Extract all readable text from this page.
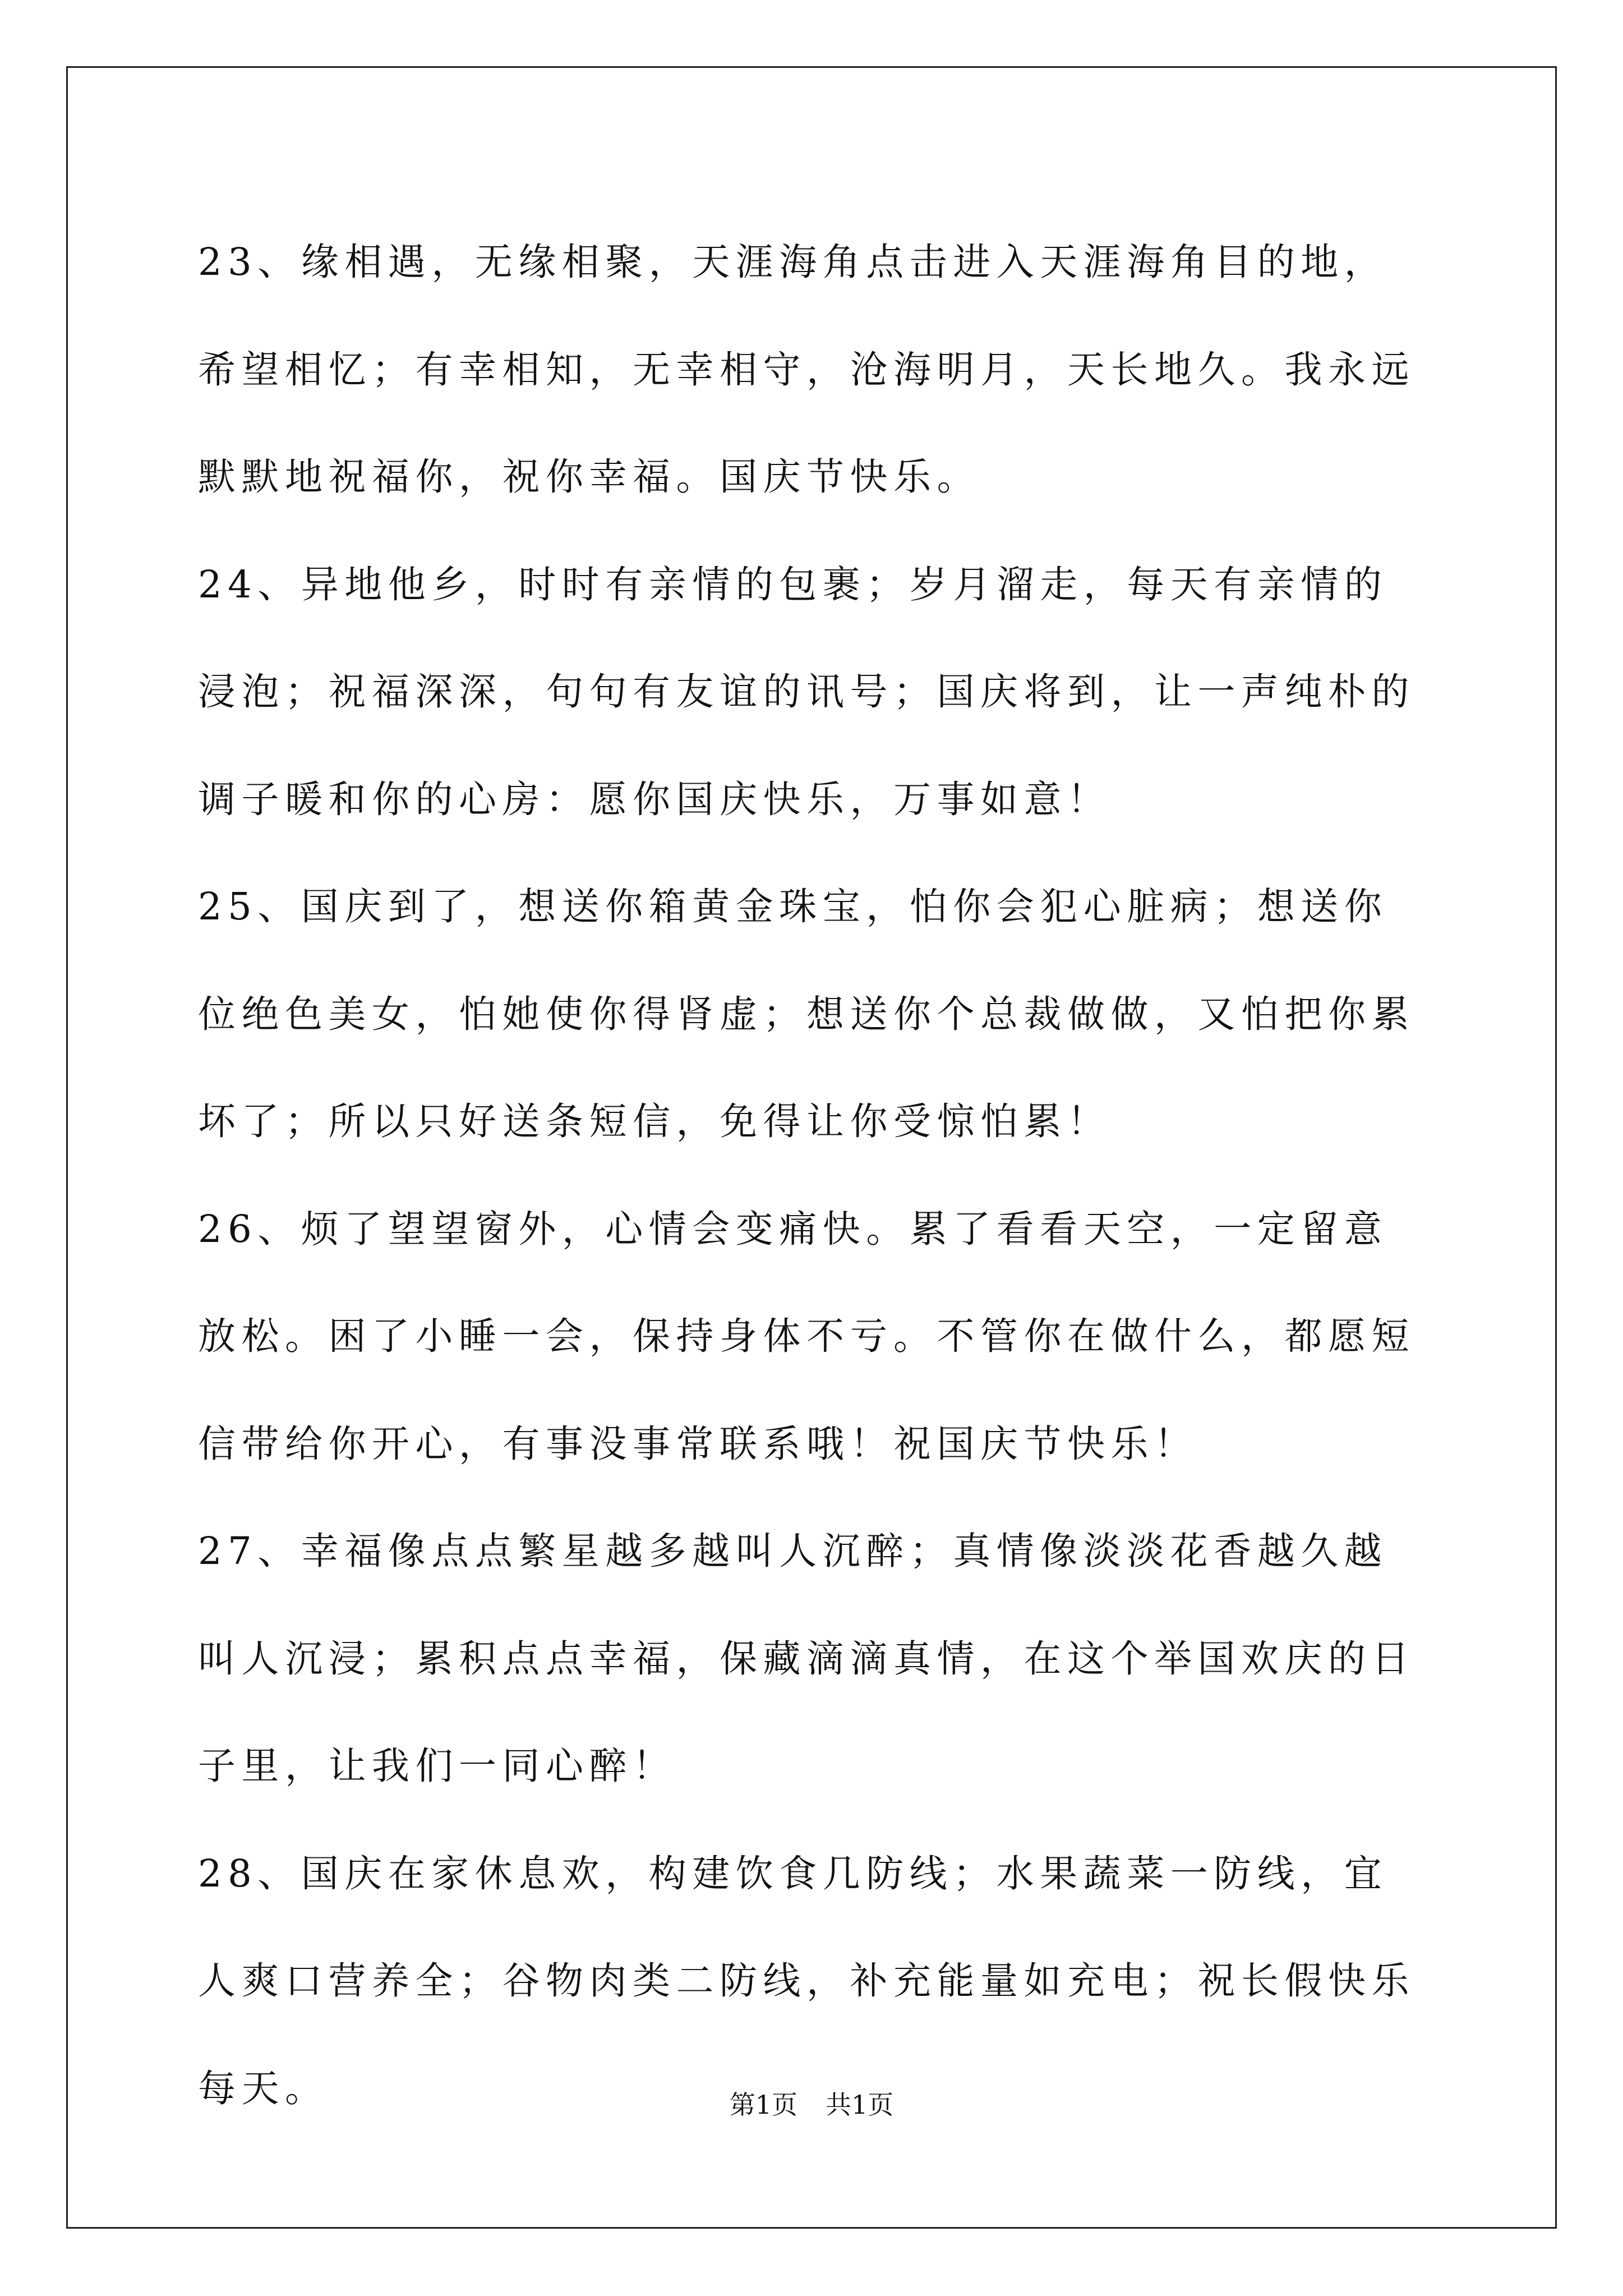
23、缘相遇，无缘相聚，天涯海角点击进入天涯海角目的地，希望相忆；有幸相知，无幸相守，沧海明月，天长地久。我永远默默地祝福你，祝你幸福。国庆节快乐。

24、异地他乡，时时有亲情的包裹；岁月溜走，每天有亲情的浸泡；祝福深深，句句有友谊的讯号；国庆将到，让一声纯朴的调子暖和你的心房：愿你国庆快乐，万事如意！

25、国庆到了，想送你箱黄金珠宝，怕你会犯心脏病；想送你位绝色美女，怕她使你得肾虚；想送你个总裁做做，又怕把你累坏了；所以只好送条短信，免得让你受惊怕累！

26、烦了望望窗外，心情会变痛快。累了看看天空，一定留意放松。困了小睡一会，保持身体不亏。不管你在做什么，都愿短信带给你开心，有事没事常联系哦！祝国庆节快乐！

27、幸福像点点繁星越多越叫人沉醉；真情像淡淡花香越久越叫人沉浸；累积点点幸福，保藏滴滴真情，在这个举国欢庆的日子里，让我们一同心醉！

28、国庆在家休息欢，构建饮食几防线；水果蔬菜一防线，宜人爽口营养全；谷物肉类二防线，补充能量如充电；祝长假快乐每天。	第1页 共1页
